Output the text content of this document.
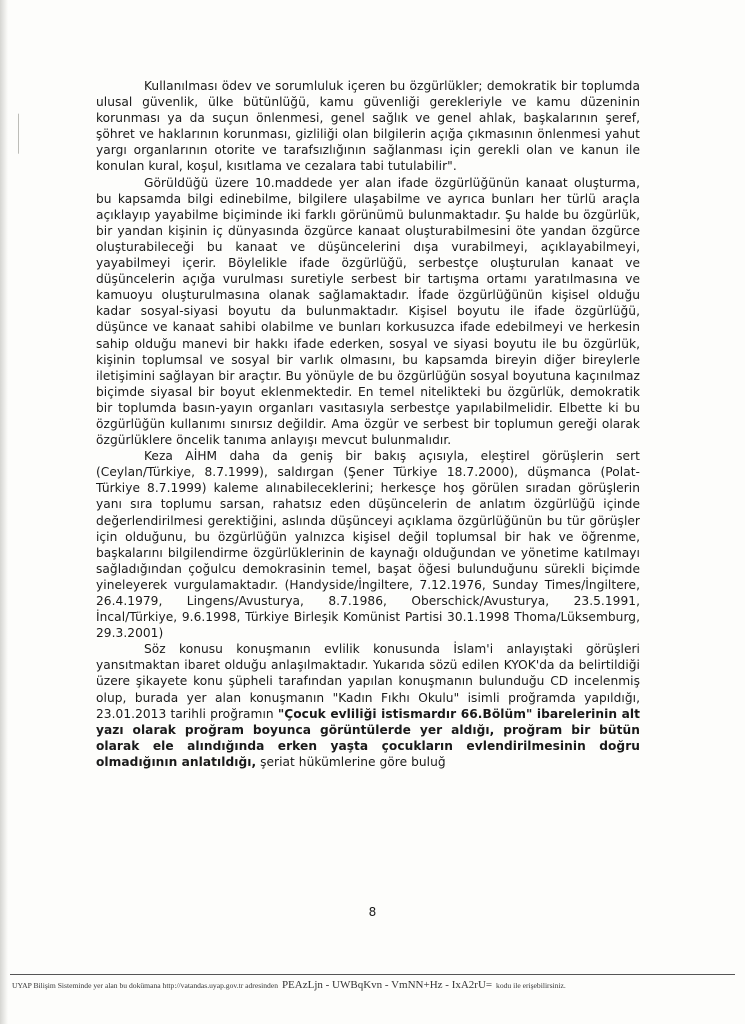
Kullanılması ödev ve sorumluluk içeren bu özgürlükler; demokratik bir toplumda ulusal güvenlik, ülke bütünlüğü, kamu güvenliği gerekleriyle ve kamu düzeninin korunması ya da suçun önlenmesi, genel sağlık ve genel ahlak, başkalarının şeref, şöhret ve haklarının korunması, gizliliği olan bilgilerin açığa çıkmasının önlenmesi yahut yargı organlarının otorite ve tarafsızlığının sağlanması için gerekli olan ve kanun ile konulan kural, koşul, kısıtlama ve cezalara tabi tutulabilir".

Görüldüğü üzere 10.maddede yer alan ifade özgürlüğünün kanaat oluşturma, bu kapsamda bilgi edinebilme, bilgilere ulaşabilme ve ayrıca bunları her türlü araçla açıklayıp yayabilme biçiminde iki farklı görünümü bulunmaktadır. Şu halde bu özgürlük, bir yandan kişinin iç dünyasında özgürce kanaat oluşturabilmesini öte yandan özgürce oluşturabileceği bu kanaat ve düşüncelerini dışa vurabilmeyi, açıklayabilmeyi, yayabilmeyi içerir. Böylelikle ifade özgürlüğü, serbestçe oluşturulan kanaat ve düşüncelerin açığa vurulması suretiyle serbest bir tartışma ortamı yaratılmasına ve kamuoyu oluşturulmasına olanak sağlamaktadır. İfade özgürlüğünün kişisel olduğu kadar sosyal-siyasi boyutu da bulunmaktadır. Kişisel boyutu ile ifade özgürlüğü, düşünce ve kanaat sahibi olabilme ve bunları korkusuzca ifade edebilmeyi ve herkesin sahip olduğu manevi bir hakkı ifade ederken, sosyal ve siyasi boyutu ile bu özgürlük, kişinin toplumsal ve sosyal bir varlık olmasını, bu kapsamda bireyin diğer bireylerle iletişimini sağlayan bir araçtır. Bu yönüyle de bu özgürlüğün sosyal boyutuna kaçınılmaz biçimde siyasal bir boyut eklenmektedir. En temel nitelikteki bu özgürlük, demokratik bir toplumda basın-yayın organları vasıtasıyla serbestçe yapılabilmelidir. Elbette ki bu özgürlüğün kullanımı sınırsız değildir. Ama özgür ve serbest bir toplumun gereği olarak özgürlüklere öncelik tanıma anlayışı mevcut bulunmalıdır.

Keza AİHM daha da geniş bir bakış açısıyla, eleştirel görüşlerin sert (Ceylan/Türkiye, 8.7.1999), saldırgan (Şener Türkiye 18.7.2000), düşmanca (Polat-Türkiye 8.7.1999) kaleme alınabileceklerini; herkesçe hoş görülen sıradan görüşlerin yanı sıra toplumu sarsan, rahatsız eden düşüncelerin de anlatım özgürlüğü içinde değerlendirilmesi gerektiğini, aslında düşünceyi açıklama özgürlüğünün bu tür görüşler için olduğunu, bu özgürlüğün yalnızca kişisel değil toplumsal bir hak ve öğrenme, başkalarını bilgilendirme özgürlüklerinin de kaynağı olduğundan ve yönetime katılmayı sağladığından çoğulcu demokrasinin temel, başat öğesi bulunduğunu sürekli biçimde yineleyerek vurgulamaktadır. (Handyside/İngiltere, 7.12.1976, Sunday Times/İngiltere, 26.4.1979, Lingens/Avusturya, 8.7.1986, Oberschick/Avusturya, 23.5.1991, İncal/Türkiye, 9.6.1998, Türkiye Birleşik Komünist Partisi 30.1.1998 Thoma/Lüksemburg, 29.3.2001)

Söz konusu konuşmanın evlilik konusunda İslam'i anlayıştaki görüşleri yansıtmaktan ibaret olduğu anlaşılmaktadır. Yukarıda sözü edilen KYOK'da da belirtildiği üzere şikayete konu şüpheli tarafından yapılan konuşmanın bulunduğu CD incelenmiş olup, burada yer alan konuşmanın "Kadın Fıkhı Okulu" isimli proğramda yapıldığı, 23.01.2013 tarihli proğramın "Çocuk evliliği istismardır 66.Bölüm" ibarelerinin alt yazı olarak proğram boyunca görüntülerde yer aldığı, proğram bir bütün olarak ele alındığında erken yaşta çocukların evlendirilmesinin doğru olmadığının anlatıldığı, şeriat hükümlerine göre buluğ

8
UYAP Bilişim Sisteminde yer alan bu dokümana http://vatandas.uyap.gov.tr adresinden PEAzLjn - UWBqKvn - VmNN+Hz - IxA2rU= kodu ile erişebilirsiniz.
